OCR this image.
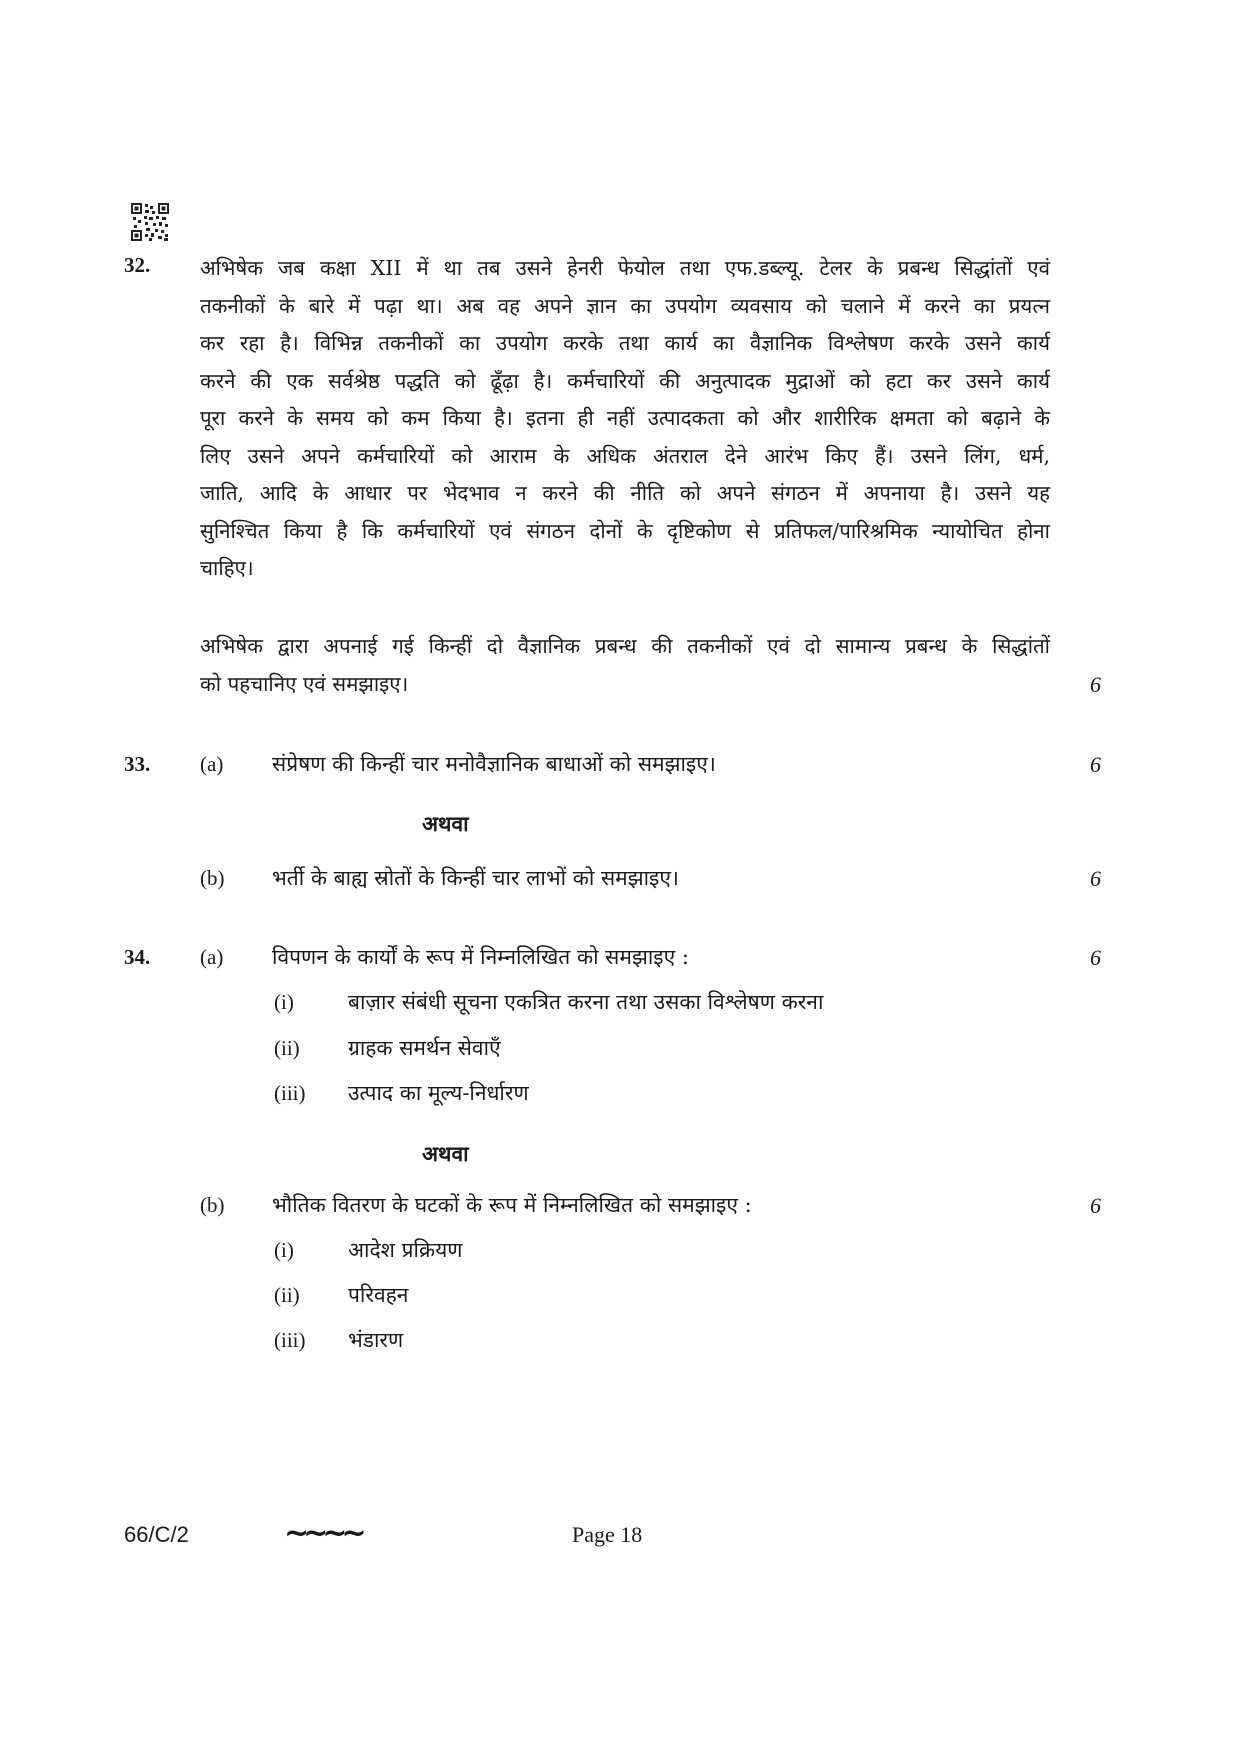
32. अभिषेक जब कक्षा XII में था तब उसने हेनरी फेयोल तथा एफ.डब्ल्यू. टेलर के प्रबन्ध सिद्धांतों एवं
तकनीकों के बारे में पढ़ा था। अब वह अपने ज्ञान का उपयोग व्यवसाय को चलाने में करने का प्रयत्न
कर रहा है। विभिन्न तकनीकों का उपयोग करके तथा कार्य का वैज्ञानिक विश्लेषण करके उसने कार्य
करने की एक सर्वश्रेष्ठ पद्धति को ढूँढ़ा है। कर्मचारियों की अनुत्पादक मुद्राओं को हटा कर उसने कार्य
पूरा करने के समय को कम किया है। इतना ही नहीं उत्पादकता को और शारीरिक क्षमता को बढ़ाने के
लिए उसने अपने कर्मचारियों को आराम के अधिक अंतराल देने आरंभ किए हैं। उसने लिंग, धर्म,
जाति, आदि के आधार पर भेदभाव न करने की नीति को अपने संगठन में अपनाया है। उसने यह
सुनिश्चित किया है कि कर्मचारियों एवं संगठन दोनों के दृष्टिकोण से प्रतिफल/पारिश्रमिक न्यायोचित होना
चाहिए।
अभिषेक द्वारा अपनाई गई किन्हीं दो वैज्ञानिक प्रबन्ध की तकनीकों एवं दो सामान्य प्रबन्ध के सिद्धांतों
को पहचानिए एवं समझाइए।	6
33. (a) संप्रेषण की किन्हीं चार मनोवैज्ञानिक बाधाओं को समझाइए।	6
अथवा
(b) भर्ती के बाह्य स्रोतों के किन्हीं चार लाभों को समझाइए।	6
34. (a) विपणन के कार्यों के रूप में निम्नलिखित को समझाइए :	6
(i)	बाज़ार संबंधी सूचना एकत्रित करना तथा उसका विश्लेषण करना
(ii) ग्राहक समर्थन सेवाएँ
(iii) उत्पाद का मूल्य-निर्धारण
अथवा
(b) भौतिक वितरण के घटकों के रूप में निम्नलिखित को समझाइए :	6
(i)	आदेश प्रक्रियण
(ii) परिवहन
(iii) भंडारण
66/C/2	~~~~	Page 18
